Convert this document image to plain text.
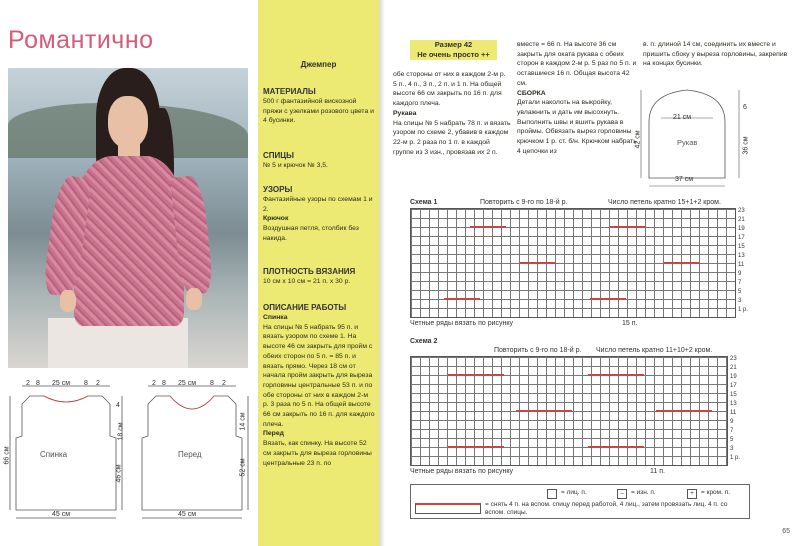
Романтично
2 8 25 см 8 2
Спинка
4
18 см
46 см
66 см
45 см
2 8 25 см 8 2
Перед
14 см
52 см
45 см
Джемпер
МАТЕРИАЛЫ
500 г фантазийной вискозной пряжи с узелками розового цвета и 4 бусинки.
СПИЦЫ
№ 5 и крючок № 3,5.
УЗОРЫ
Фантазийные узоры по схемам 1 и 2.
Крючок
Воздушная петля, столбик без накида.
ПЛОТНОСТЬ ВЯЗАНИЯ
10 см x 10 см = 21 п. x 30 р.
ОПИСАНИЕ РАБОТЫ
Спинка
На спицы № 5 набрать 95 п. и вязать узором по схеме 1. На высоте 46 см закрыть для пройм с обеих сторон по 5 п. = 85 п. и вязать прямо. Через 18 см от начала пройм закрыть для выреза горловины центральные 53 п. и по обе стороны от них в каждом 2-м р. 3 раза по 5 п. На общей высоте 66 см закрыть по 16 п. для каждого плеча.
Перед
Вязать, как спинку. На высоте 52 см закрыть для выреза горловины центральные 23 п. по
Размер 42
Не очень просто ++
обе стороны от них в каждом 2-м р. 5 п., 4 п., 3 п., 2 п. и 1 п. На общей высоте 66 см закрыть по 16 п. для каждого плеча.
Рукава
На спицы № 5 набрать 78 п. и вязать узором по схеме 2, убавив в каждом 22-м р. 2 раза по 1 п. в каждой группе из 3 изн., провязав их 2 п.
вместе = 66 п. На высоте 36 см закрыть для оката рукава с обеих сторон в каждом 2-м р. 5 раз по 5 п. и оставшиеся 16 п. Общая высота 42 см.
СБОРКА
Детали наколоть на выкройку, увлажнить и дать им высохнуть. Выполнить швы и вшить рукава в проймы. Обвязать вырез горловины крючком 1 р. ст. б/н. Крючком набрать 4 цепочки из
в. п. длиной 14 см, соединить их вместе и пришить сбоку у выреза горловины, закрепив на концах бусинки.
21 см
Рукав
42 см
6
36 см
37 см
Схема 1	Повторить с 9-го по 18-й р.	Число петель кратно 15+1+2 кром.
23
21
19
17
15
13
11
9
7
5
3
1 р.
Четные ряды вязать по рисунку	15 п.
Схема 2
Повторить с 9-го по 18-й р. Число петель кратно 11+10+2 кром.
23
21
19
17
15
13
11
9
7
5
3
1 р.
Четные ряды вязать по рисунку	11 п.
= лиц. п.	–	= изн. п.	+	= кром. п.
= снять 4 п. на вспом. спицу перед работой, 4 лиц., затем провязать лиц. 4 п. со вспом. спицы.
65
